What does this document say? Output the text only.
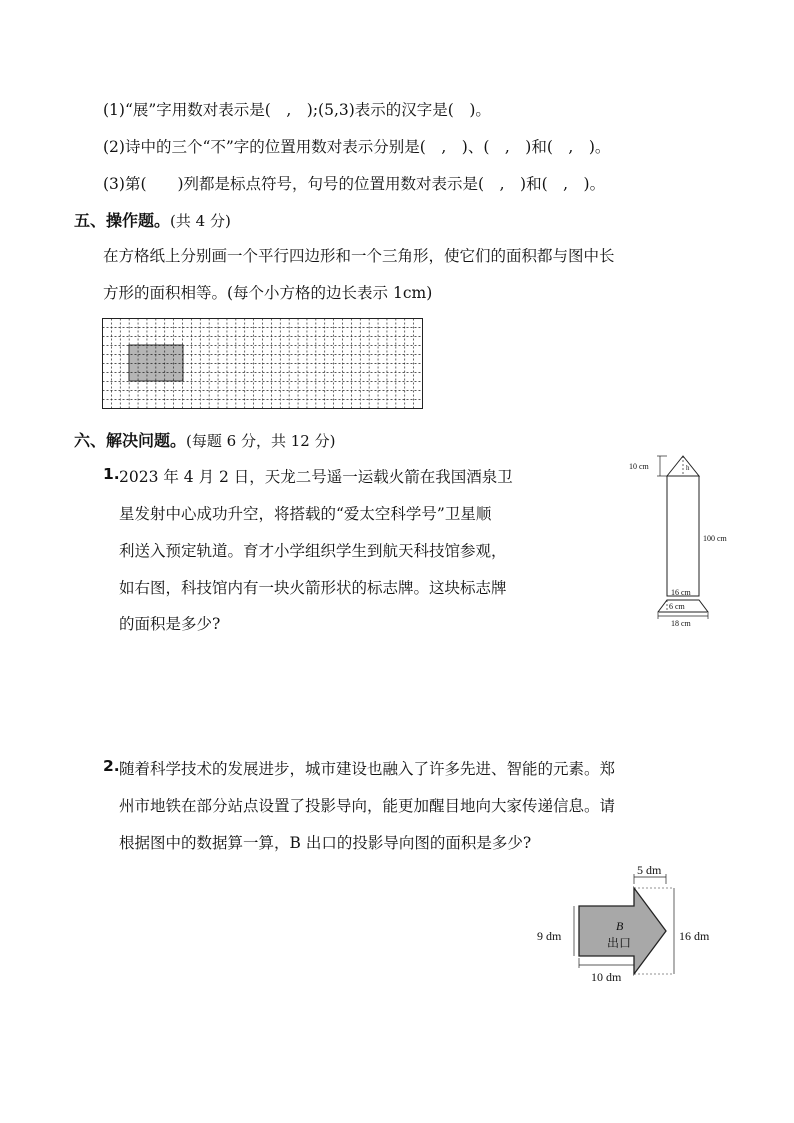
(1)“展”字用数对表示是(　,　);(5,3)表示的汉字是(　)。
(2)诗中的三个“不”字的位置用数对表示分别是(　,　)、(　,　)和(　,　)。
(3)第(　　)列都是标点符号，句号的位置用数对表示是(　,　)和(　,　)。
五、操作题。(共 4 分)
在方格纸上分别画一个平行四边形和一个三角形，使它们的面积都与图中长
方形的面积相等。(每个小方格的边长表示 1cm)
六、解决问题。(每题 6 分，共 12 分)
1. 2023 年 4 月 2 日，天龙二号遥一运载火箭在我国酒泉卫
星发射中心成功升空，将搭载的“爱太空科学号”卫星顺
利送入预定轨道。育才小学组织学生到航天科技馆参观，
如右图，科技馆内有一块火箭形状的标志牌。这块标志牌
的面积是多少?
h
10 cm
100 cm
16 cm
6 cm
18 cm
2. 随着科学技术的发展进步，城市建设也融入了许多先进、智能的元素。郑
州市地铁在部分站点设置了投影导向，能更加醒目地向大家传递信息。请
根据图中的数据算一算，B 出口的投影导向图的面积是多少?
B
出口
5 dm
9 dm	16 dm
10 dm
